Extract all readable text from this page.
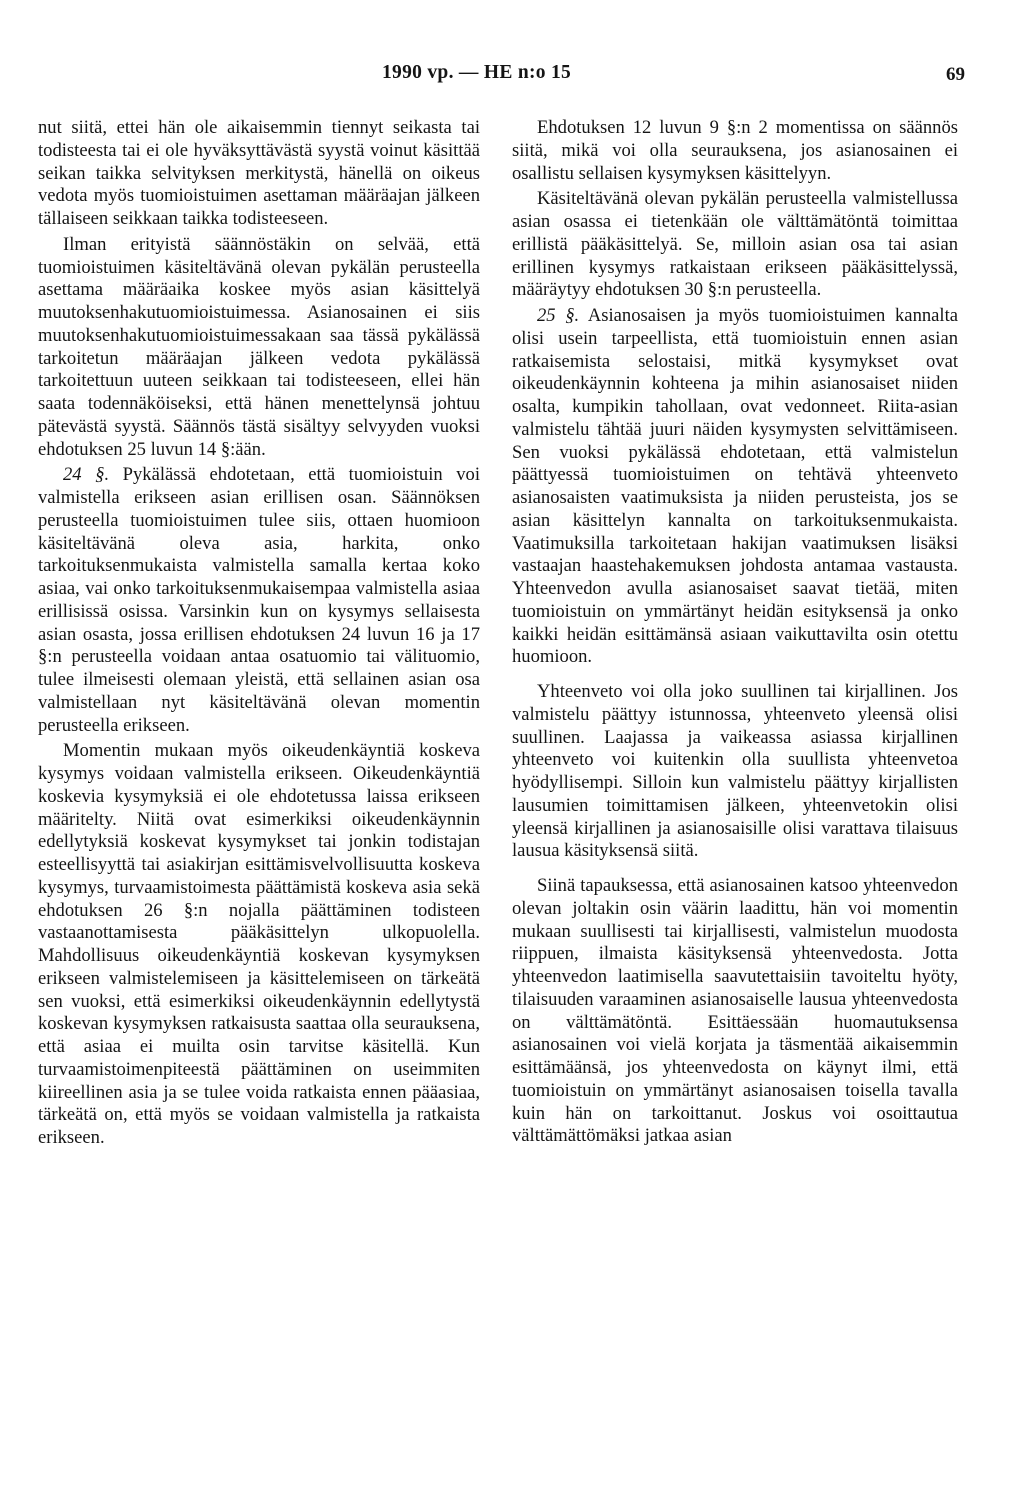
1990 vp. — HE n:o 15	69

nut siitä, ettei hän ole aikaisemmin tiennyt seikasta tai todisteesta tai ei ole hyväksyttävästä syystä voinut käsittää seikan taikka selvityksen merkitystä, hänellä on oikeus vedota myös tuomioistuimen asettaman määräajan jälkeen tällaiseen seikkaan taikka todisteeseen.

Ilman erityistä säännöstäkin on selvää, että tuomioistuimen käsiteltävänä olevan pykälän perusteella asettama määräaika koskee myös asian käsittelyä muutoksenhakutuomioistuimessa. Asianosainen ei siis muutoksenhakutuomioistuimessakaan saa tässä pykälässä tarkoitetun määräajan jälkeen vedota pykälässä tarkoitettuun uuteen seikkaan tai todisteeseen, ellei hän saata todennäköiseksi, että hänen menettelynsä johtuu pätevästä syystä. Säännös tästä sisältyy selvyyden vuoksi ehdotuksen 25 luvun 14 §:ään.

24 §. Pykälässä ehdotetaan, että tuomioistuin voi valmistella erikseen asian erillisen osan. Säännöksen perusteella tuomioistuimen tulee siis, ottaen huomioon käsiteltävänä oleva asia, harkita, onko tarkoituksenmukaista valmistella samalla kertaa koko asiaa, vai onko tarkoituksenmukaisempaa valmistella asiaa erillisissä osissa. Varsinkin kun on kysymys sellaisesta asian osasta, jossa erillisen ehdotuksen 24 luvun 16 ja 17 §:n perusteella voidaan antaa osatuomio tai välituomio, tulee ilmeisesti olemaan yleistä, että sellainen asian osa valmistellaan nyt käsiteltävänä olevan momentin perusteella erikseen.

Momentin mukaan myös oikeudenkäyntiä koskeva kysymys voidaan valmistella erikseen. Oikeudenkäyntiä koskevia kysymyksiä ei ole ehdotetussa laissa erikseen määritelty. Niitä ovat esimerkiksi oikeudenkäynnin edellytyksiä koskevat kysymykset tai jonkin todistajan esteellisyyttä tai asiakirjan esittämisvelvollisuutta koskeva kysymys, turvaamistoimesta päättämistä koskeva asia sekä ehdotuksen 26 §:n nojalla päättäminen todisteen vastaanottamisesta pääkäsittelyn ulkopuolella. Mahdollisuus oikeudenkäyntiä koskevan kysymyksen erikseen valmistelemiseen ja käsittelemiseen on tärkeätä sen vuoksi, että esimerkiksi oikeudenkäynnin edellytystä koskevan kysymyksen ratkaisusta saattaa olla seurauksena, että asiaa ei muilta osin tarvitse käsitellä. Kun turvaamistoimenpiteestä päättäminen on useimmiten kiireellinen asia ja se tulee voida ratkaista ennen pääasiaa, tärkeätä on, että myös se voidaan valmistella ja ratkaista erikseen.

Ehdotuksen 12 luvun 9 §:n 2 momentissa on säännös siitä, mikä voi olla seurauksena, jos asianosainen ei osallistu sellaisen kysymyksen käsittelyyn.

Käsiteltävänä olevan pykälän perusteella valmistellussa asian osassa ei tietenkään ole välttämätöntä toimittaa erillistä pääkäsittelyä. Se, milloin asian osa tai asian erillinen kysymys ratkaistaan erikseen pääkäsittelyssä, määräytyy ehdotuksen 30 §:n perusteella.

25 §. Asianosaisen ja myös tuomioistuimen kannalta olisi usein tarpeellista, että tuomioistuin ennen asian ratkaisemista selostaisi, mitkä kysymykset ovat oikeudenkäynnin kohteena ja mihin asianosaiset niiden osalta, kumpikin tahollaan, ovat vedonneet. Riita-asian valmistelu tähtää juuri näiden kysymysten selvittämiseen. Sen vuoksi pykälässä ehdotetaan, että valmistelun päättyessä tuomioistuimen on tehtävä yhteenveto asianosaisten vaatimuksista ja niiden perusteista, jos se asian käsittelyn kannalta on tarkoituksenmukaista. Vaatimuksilla tarkoitetaan hakijan vaatimuksen lisäksi vastaajan haastehakemuksen johdosta antamaa vastausta. Yhteenvedon avulla asianosaiset saavat tietää, miten tuomioistuin on ymmärtänyt heidän esityksensä ja onko kaikki heidän esittämänsä asiaan vaikuttavilta osin otettu huomioon.

Yhteenveto voi olla joko suullinen tai kirjallinen. Jos valmistelu päättyy istunnossa, yhteenveto yleensä olisi suullinen. Laajassa ja vaikeassa asiassa kirjallinen yhteenveto voi kuitenkin olla suullista yhteenvetoa hyödyllisempi. Silloin kun valmistelu päättyy kirjallisten lausumien toimittamisen jälkeen, yhteenvetokin olisi yleensä kirjallinen ja asianosaisille olisi varattava tilaisuus lausua käsityksensä siitä.

Siinä tapauksessa, että asianosainen katsoo yhteenvedon olevan joltakin osin väärin laadittu, hän voi momentin mukaan suullisesti tai kirjallisesti, valmistelun muodosta riippuen, ilmaista käsityksensä yhteenvedosta. Jotta yhteenvedon laatimisella saavutettaisiin tavoiteltu hyöty, tilaisuuden varaaminen asianosaiselle lausua yhteenvedosta on välttämätöntä. Esittäessään huomautuksensa asianosainen voi vielä korjata ja täsmentää aikaisemmin esittämäänsä, jos yhteenvedosta on käynyt ilmi, että tuomioistuin on ymmärtänyt asianosaisen toisella tavalla kuin hän on tarkoittanut. Joskus voi osoittautua välttämättömäksi jatkaa asian
